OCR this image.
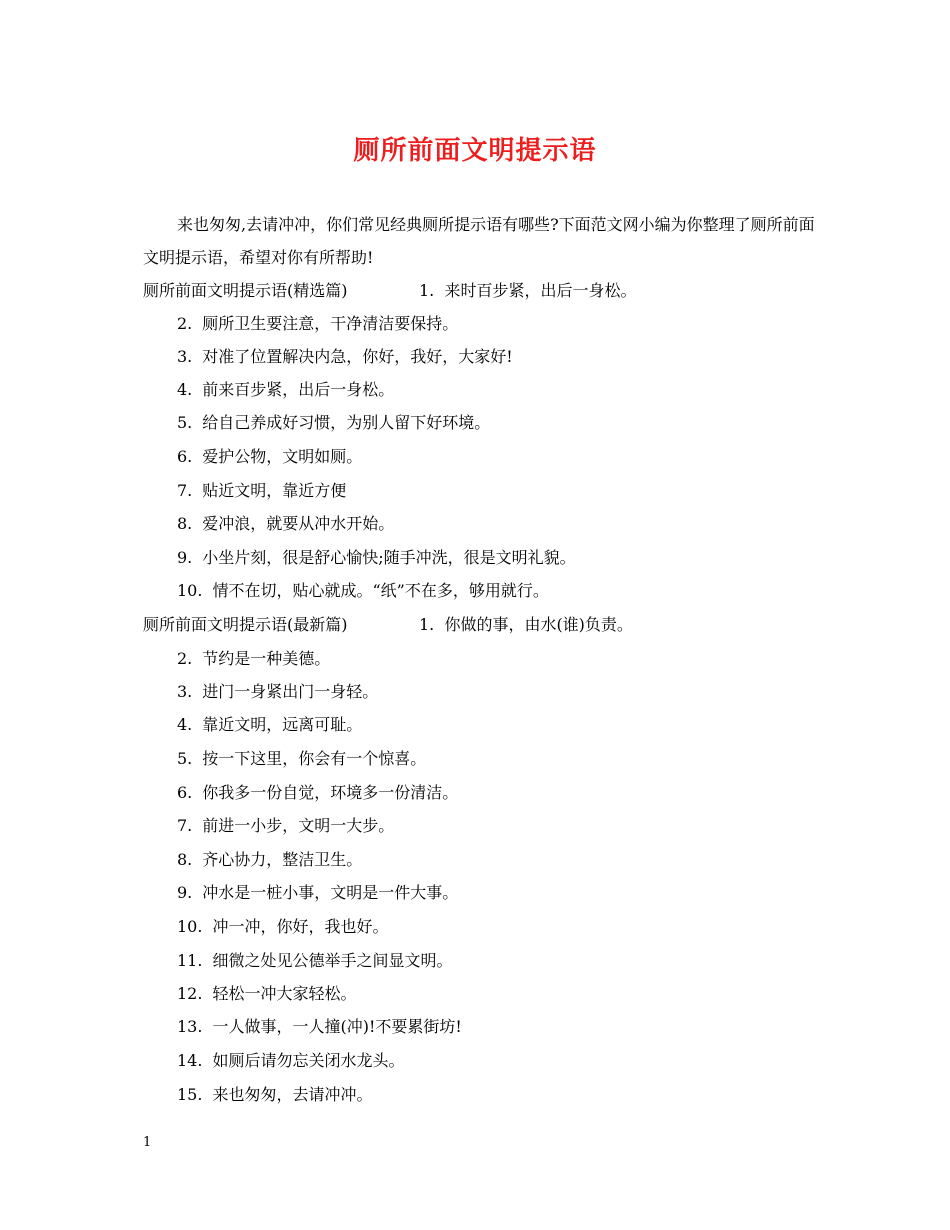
厕所前面文明提示语

来也匆匆,去请冲冲，你们常见经典厕所提示语有哪些?下面范文网小编为你整理了厕所前面文明提示语，希望对你有所帮助!

厕所前面文明提示语(精选篇)	1. 来时百步紧，出后一身松。
2. 厕所卫生要注意，干净清洁要保持。
3. 对准了位置解决内急，你好，我好，大家好!
4. 前来百步紧，出后一身松。
5. 给自己养成好习惯，为别人留下好环境。
6. 爱护公物，文明如厕。
7. 贴近文明，靠近方便
8. 爱冲浪，就要从冲水开始。
9. 小坐片刻，很是舒心愉快;随手冲洗，很是文明礼貌。
10. 情不在切，贴心就成。“纸”不在多，够用就行。
厕所前面文明提示语(最新篇)	1. 你做的事，由水(谁)负责。
2. 节约是一种美德。
3. 进门一身紧出门一身轻。
4. 靠近文明，远离可耻。
5. 按一下这里，你会有一个惊喜。
6. 你我多一份自觉，环境多一份清洁。
7. 前进一小步，文明一大步。
8. 齐心协力，整洁卫生。
9. 冲水是一桩小事，文明是一件大事。
10. 冲一冲，你好，我也好。
11. 细微之处见公德举手之间显文明。
12. 轻松一冲大家轻松。
13. 一人做事，一人撞(冲)!不要累街坊!
14. 如厕后请勿忘关闭水龙头。
15. 来也匆匆，去请冲冲。
1
